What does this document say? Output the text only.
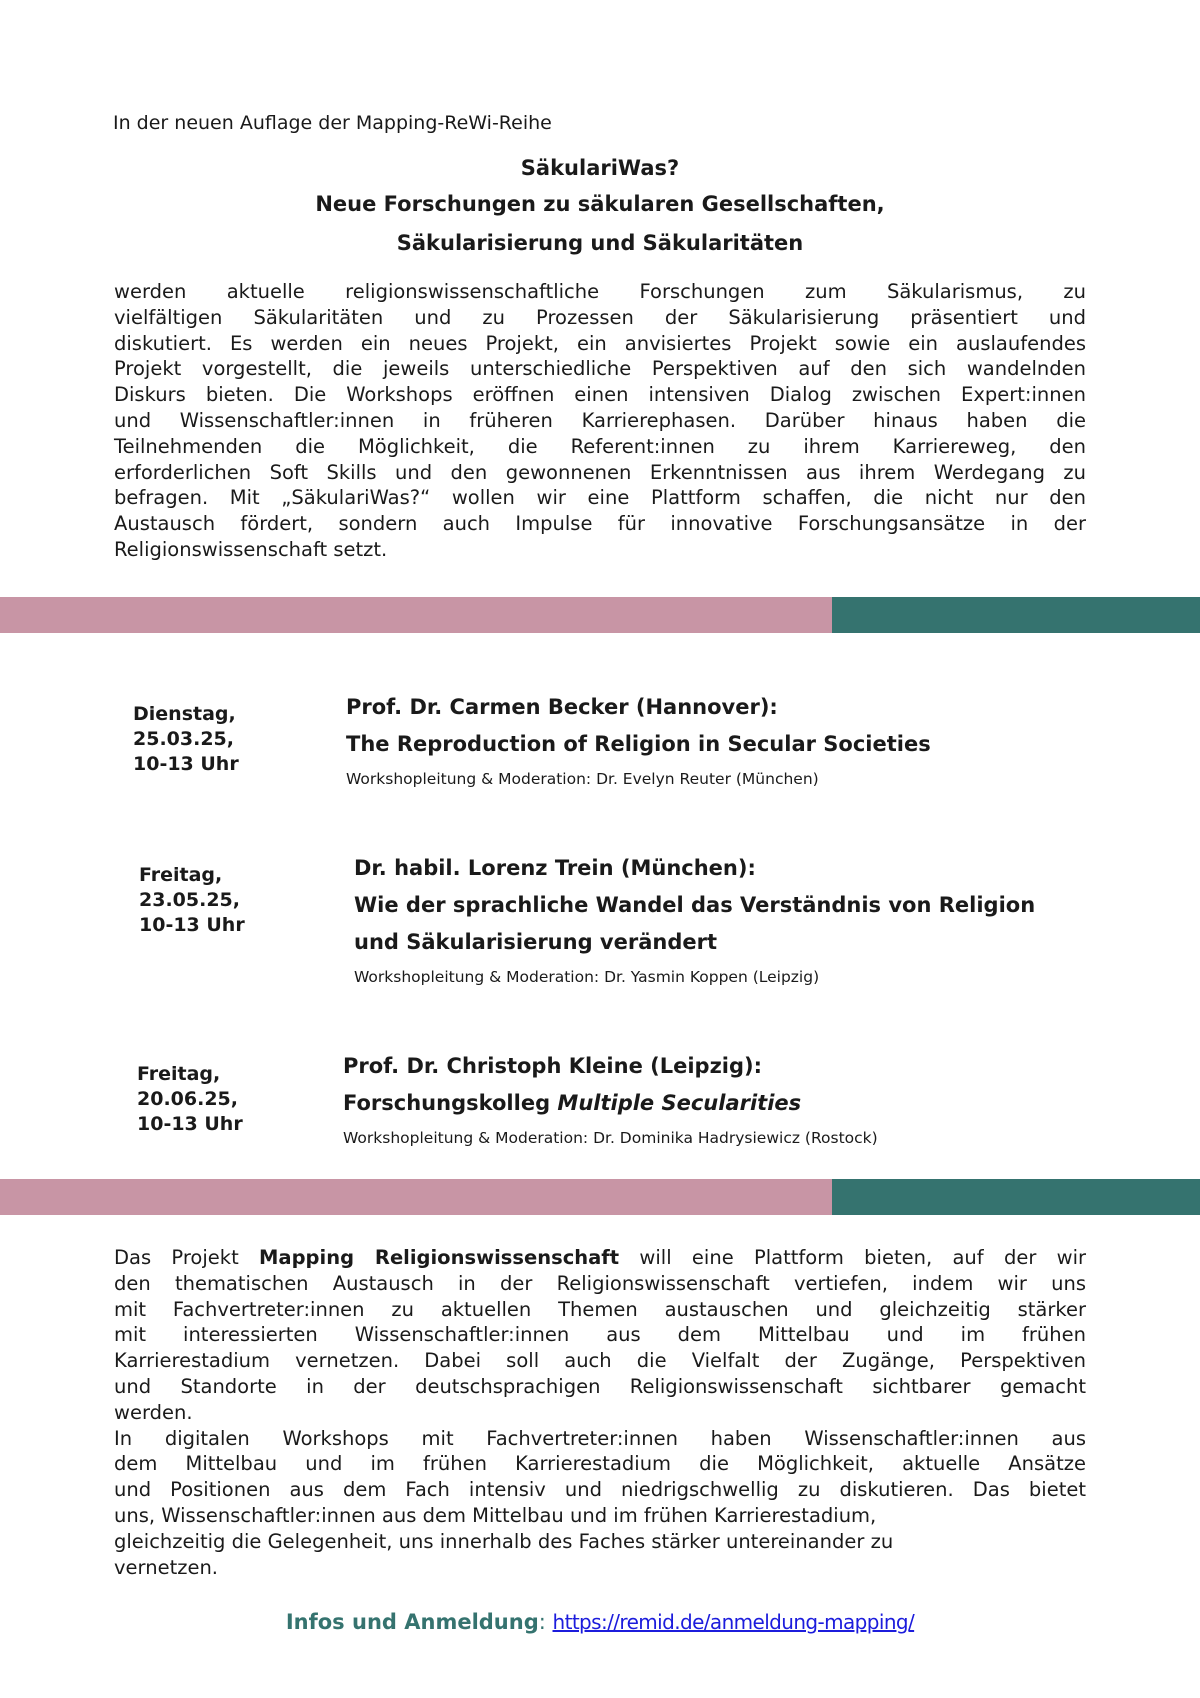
In der neuen Auflage der Mapping-ReWi-Reihe
SäkulariWas?
Neue Forschungen zu säkularen Gesellschaften,
Säkularisierung und Säkularitäten
werden aktuelle religionswissenschaftliche Forschungen zum Säkularismus, zu
vielfältigen Säkularitäten und zu Prozessen der Säkularisierung präsentiert und
diskutiert. Es werden ein neues Projekt, ein anvisiertes Projekt sowie ein auslaufendes
Projekt vorgestellt, die jeweils unterschiedliche Perspektiven auf den sich wandelnden
Diskurs bieten. Die Workshops eröffnen einen intensiven Dialog zwischen Expert:innen
und Wissenschaftler:innen in früheren Karrierephasen. Darüber hinaus haben die
Teilnehmenden die Möglichkeit, die Referent:innen zu ihrem Karriereweg, den
erforderlichen Soft Skills und den gewonnenen Erkenntnissen aus ihrem Werdegang zu
befragen. Mit „SäkulariWas?“ wollen wir eine Plattform schaffen, die nicht nur den
Austausch fördert, sondern auch Impulse für innovative Forschungsansätze in der
Religionswissenschaft setzt.
Dienstag,
25.03.25,
10-13 Uhr
Prof. Dr. Carmen Becker (Hannover):
The Reproduction of Religion in Secular Societies
Workshopleitung & Moderation: Dr. Evelyn Reuter (München)
Freitag,
23.05.25,
10-13 Uhr
Dr. habil. Lorenz Trein (München):
Wie der sprachliche Wandel das Verständnis von Religion
und Säkularisierung verändert
Workshopleitung & Moderation: Dr. Yasmin Koppen (Leipzig)
Freitag,
20.06.25,
10-13 Uhr
Prof. Dr. Christoph Kleine (Leipzig):
Forschungskolleg Multiple Secularities
Workshopleitung & Moderation: Dr. Dominika Hadrysiewicz (Rostock)
Das Projekt Mapping Religionswissenschaft will eine Plattform bieten, auf der wir
den thematischen Austausch in der Religionswissenschaft vertiefen, indem wir uns
mit Fachvertreter:innen zu aktuellen Themen austauschen und gleichzeitig stärker
mit interessierten Wissenschaftler:innen aus dem Mittelbau und im frühen
Karrierestadium vernetzen. Dabei soll auch die Vielfalt der Zugänge, Perspektiven
und Standorte in der deutschsprachigen Religionswissenschaft sichtbarer gemacht
werden.
In digitalen Workshops mit Fachvertreter:innen haben Wissenschaftler:innen aus
dem Mittelbau und im frühen Karrierestadium die Möglichkeit, aktuelle Ansätze
und Positionen aus dem Fach intensiv und niedrigschwellig zu diskutieren. Das bietet
uns, Wissenschaftler:innen aus dem Mittelbau und im frühen Karrierestadium,
gleichzeitig die Gelegenheit, uns innerhalb des Faches stärker untereinander zu
vernetzen.
Infos und Anmeldung: https://remid.de/anmeldung-mapping/
